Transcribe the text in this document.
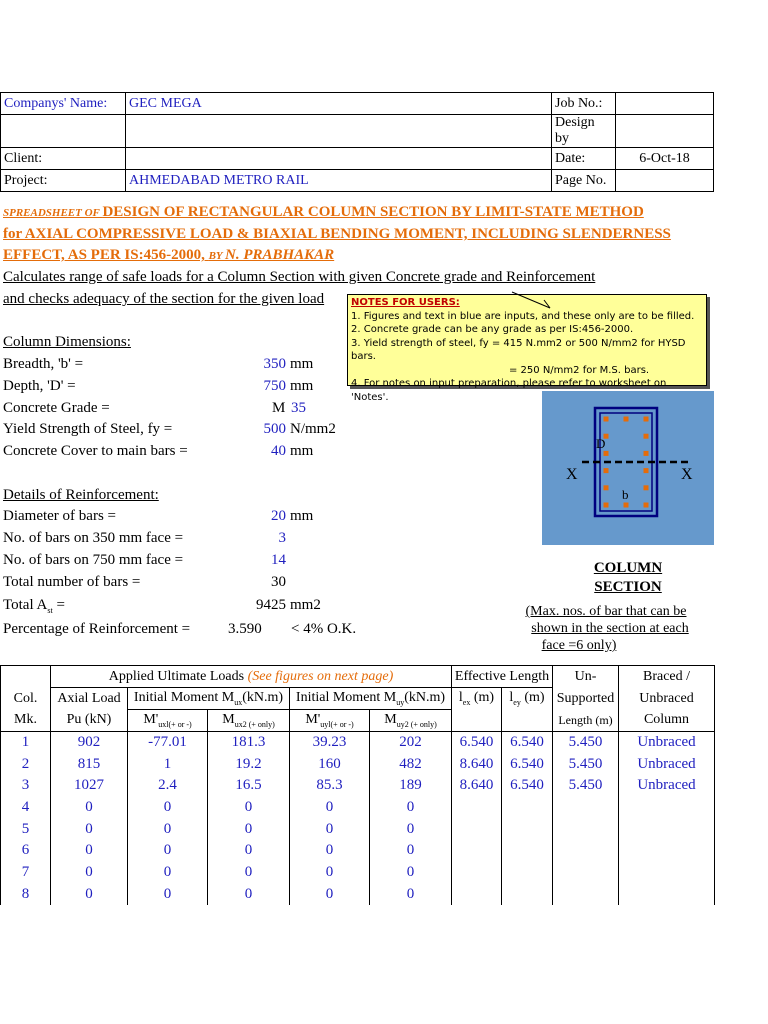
Companys' Name:	GEC MEGA	Job No.:	
		Design by	
Client:		Date:	6-Oct-18
Project:	AHMEDABAD METRO RAIL	Page No.	
SPREADSHEET OF DESIGN OF RECTANGULAR COLUMN SECTION BY LIMIT-STATE METHOD
for AXIAL COMPRESSIVE LOAD & BIAXIAL BENDING MOMENT, INCLUDING SLENDERNESS
EFFECT, AS PER IS:456-2000, BY N. PRABHAKAR
Calculates range of safe loads for a Column Section with given Concrete grade and Reinforcement
and checks adequacy of the section for the given load	NOTES FOR USERS:
1. Figures and text in blue are inputs, and these only are to be filled.
2. Concrete grade can be any grade as per IS:456-2000.
3. Yield strength of steel, fy = 415 N.mm2 or 500 N/mm2 for HYSD bars.
= 250 N/mm2 for M.S. bars.
4. For notes on input preparation, please refer to worksheet on 'Notes'.
Column Dimensions:
Breadth, 'b' =	350 mm
Depth, 'D' =	750 mm
Concrete Grade =	M 35
Yield Strength of Steel, fy =	500 N/mm2
Concrete Cover to main bars =	40 mm
Details of Reinforcement:
Diameter of bars =	20 mm
No. of bars on 350 mm face =	3
No. of bars on 750 mm face =	14
Total number of bars =	30
Total $A_{st}$ =	9425 mm2
Percentage of Reinforcement =	3.590 < 4% O.K.
D
b
X	X
COLUMN
SECTION
(Max. nos. of bar that can be
shown in the section at each
face =6 only)
	Applied Ultimate Loads (See figures on next page)					Effective Length		Un-	Braced /
Col.	Axial Load	Initial Moment $M_{ux}(kN.m)$		Initial Moment $M_{uy}(kN.m)$		$l_{ex}$ (m)	$l_{ey}$ (m)	Supported	Unbraced
Mk.	Pu (kN)	$M'_{uxl(+ or -)}$	$M_{ux2 (+ only)}$	$M'_{uyl(+ or -)}$	$M_{uy2 (+ only)}$			Length (m)	Column
1	902	-77.01	181.3	39.23	202	6.540	6.540	5.450	Unbraced
2	815	1	19.2	160	482	8.640	6.540	5.450	Unbraced
3	1027	2.4	16.5	85.3	189	8.640	6.540	5.450	Unbraced
4	0	0	0	0	0				
5	0	0	0	0	0				
6	0	0	0	0	0				
7	0	0	0	0	0				
8	0	0	0	0	0				
